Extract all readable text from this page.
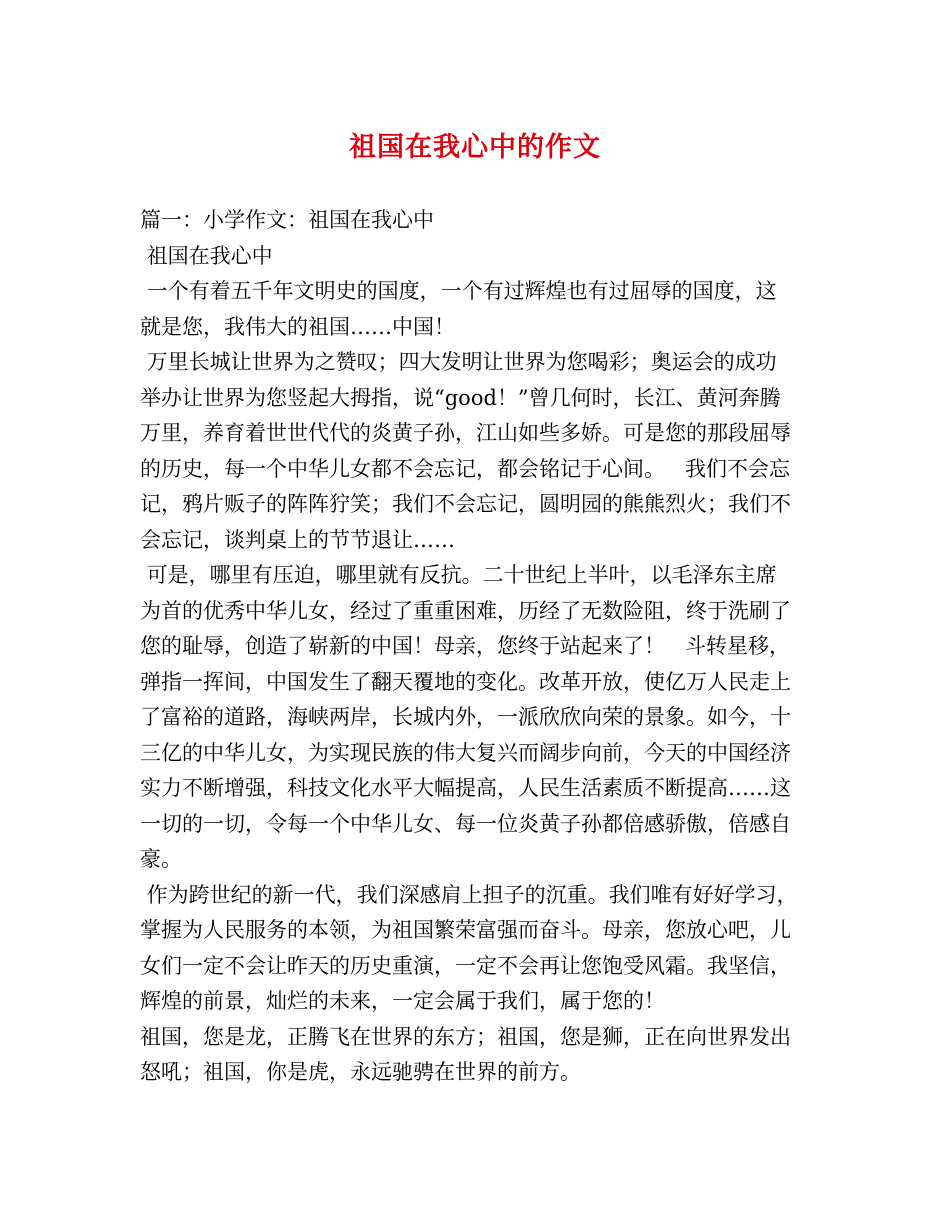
祖国在我心中的作文

篇一：小学作文：祖国在我心中

祖国在我心中

一个有着五千年文明史的国度，一个有过辉煌也有过屈辱的国度，这

就是您，我伟大的祖国……中国！

万里长城让世界为之赞叹；四大发明让世界为您喝彩；奥运会的成功

举办让世界为您竖起大拇指，说“good！”曾几何时，长江、黄河奔腾

万里，养育着世世代代的炎黄子孙，江山如些多娇。可是您的那段屈辱

的历史，每一个中华儿女都不会忘记，都会铭记于心间。   我们不会忘

记，鸦片贩子的阵阵狞笑；我们不会忘记，圆明园的熊熊烈火；我们不

会忘记，谈判桌上的节节退让……

可是，哪里有压迫，哪里就有反抗。二十世纪上半叶，以毛泽东主席

为首的优秀中华儿女，经过了重重困难，历经了无数险阻，终于洗刷了

您的耻辱，创造了崭新的中国！母亲，您终于站起来了！   斗转星移，

弹指一挥间，中国发生了翻天覆地的变化。改革开放，使亿万人民走上

了富裕的道路，海峡两岸，长城内外，一派欣欣向荣的景象。如今，十

三亿的中华儿女，为实现民族的伟大复兴而阔步向前，今天的中国经济

实力不断增强，科技文化水平大幅提高，人民生活素质不断提高……这

一切的一切，令每一个中华儿女、每一位炎黄子孙都倍感骄傲，倍感自

豪。

作为跨世纪的新一代，我们深感肩上担子的沉重。我们唯有好好学习，

掌握为人民服务的本领，为祖国繁荣富强而奋斗。母亲，您放心吧，儿

女们一定不会让昨天的历史重演，一定不会再让您饱受风霜。我坚信，

辉煌的前景，灿烂的未来，一定会属于我们，属于您的！

祖国，您是龙，正腾飞在世界的东方；祖国，您是狮，正在向世界发出

怒吼；祖国，你是虎，永远驰骋在世界的前方。
